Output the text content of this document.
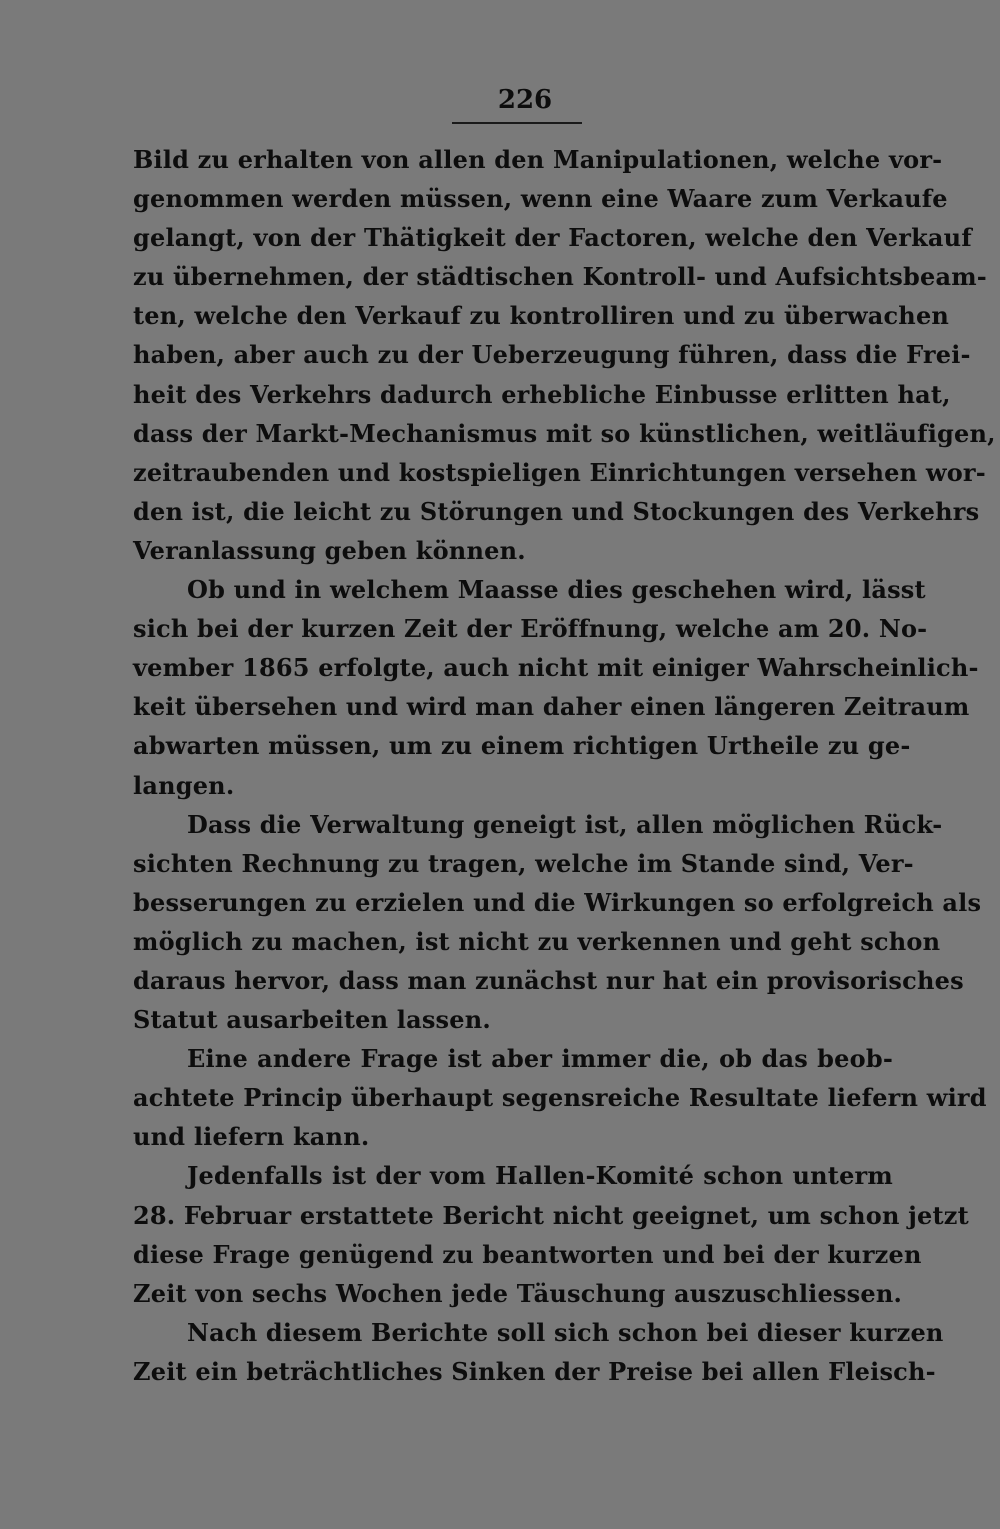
226
Bild zu erhalten von allen den Manipulationen, welche vor-
genommen werden müssen, wenn eine Waare zum Verkaufe
gelangt, von der Thätigkeit der Factoren, welche den Verkauf
zu übernehmen, der städtischen Kontroll- und Aufsichtsbeam-
ten, welche den Verkauf zu kontrolliren und zu überwachen
haben, aber auch zu der Ueberzeugung führen, dass die Frei-
heit des Verkehrs dadurch erhebliche Einbusse erlitten hat,
dass der Markt-Mechanismus mit so künstlichen, weitläufigen,
zeitraubenden und kostspieligen Einrichtungen versehen wor-
den ist, die leicht zu Störungen und Stockungen des Verkehrs
Veranlassung geben können.
Ob und in welchem Maasse dies geschehen wird, lässt
sich bei der kurzen Zeit der Eröffnung, welche am 20. No-
vember 1865 erfolgte, auch nicht mit einiger Wahrscheinlich-
keit übersehen und wird man daher einen längeren Zeitraum
abwarten müssen, um zu einem richtigen Urtheile zu ge-
langen.
Dass die Verwaltung geneigt ist, allen möglichen Rück-
sichten Rechnung zu tragen, welche im Stande sind, Ver-
besserungen zu erzielen und die Wirkungen so erfolgreich als
möglich zu machen, ist nicht zu verkennen und geht schon
daraus hervor, dass man zunächst nur hat ein provisorisches
Statut ausarbeiten lassen.
Eine andere Frage ist aber immer die, ob das beob-
achtete Princip überhaupt segensreiche Resultate liefern wird
und liefern kann.
Jedenfalls ist der vom Hallen-Komité schon unterm
28. Februar erstattete Bericht nicht geeignet, um schon jetzt
diese Frage genügend zu beantworten und bei der kurzen
Zeit von sechs Wochen jede Täuschung auszuschliessen.
Nach diesem Berichte soll sich schon bei dieser kurzen
Zeit ein beträchtliches Sinken der Preise bei allen Fleisch-
